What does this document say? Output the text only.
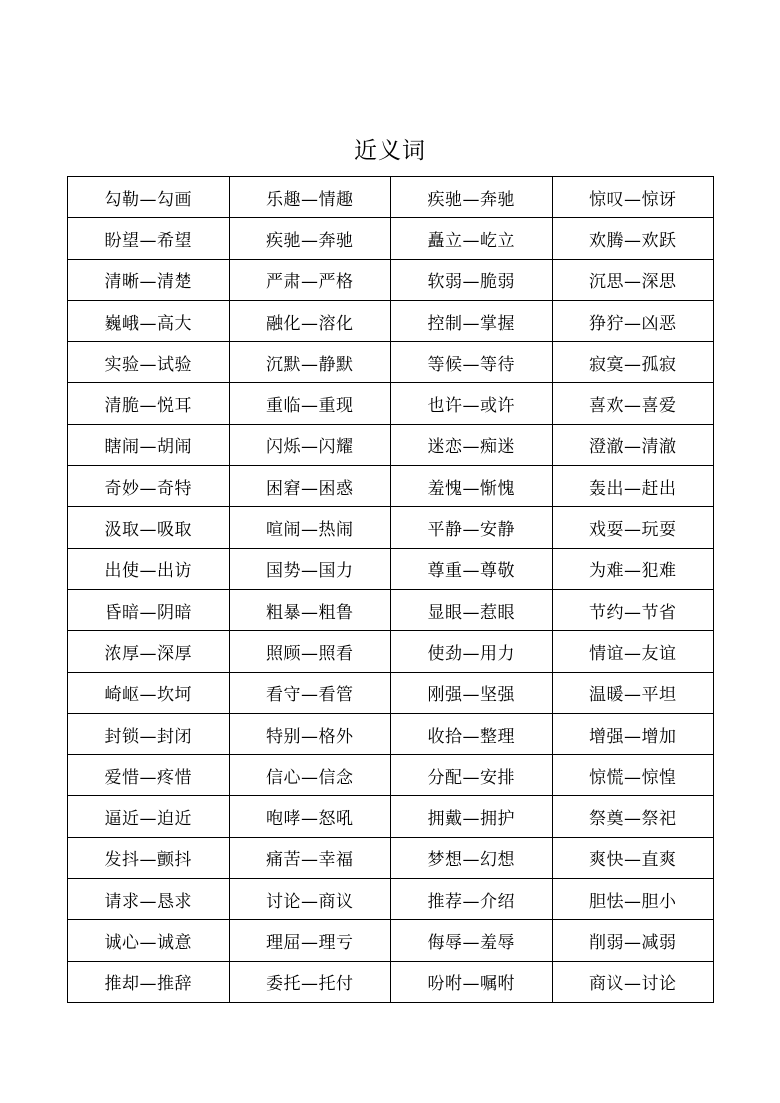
近义词
勾勒—勾画	乐趣—情趣	疾驰—奔驰	惊叹—惊讶
盼望—希望	疾驰—奔驰	矗立—屹立	欢腾—欢跃
清晰—清楚	严肃—严格	软弱—脆弱	沉思—深思
巍峨—高大	融化—溶化	控制—掌握	狰狞—凶恶
实验—试验	沉默—静默	等候—等待	寂寞—孤寂
清脆—悦耳	重临—重现	也许—或许	喜欢—喜爱
瞎闹—胡闹	闪烁—闪耀	迷恋—痴迷	澄澈—清澈
奇妙—奇特	困窘—困惑	羞愧—惭愧	轰出—赶出
汲取—吸取	喧闹—热闹	平静—安静	戏耍—玩耍
出使—出访	国势—国力	尊重—尊敬	为难—犯难
昏暗—阴暗	粗暴—粗鲁	显眼—惹眼	节约—节省
浓厚—深厚	照顾—照看	使劲—用力	情谊—友谊
崎岖—坎坷	看守—看管	刚强—坚强	温暖—平坦
封锁—封闭	特别—格外	收拾—整理	增强—增加
爱惜—疼惜	信心—信念	分配—安排	惊慌—惊惶
逼近—迫近	咆哮—怒吼	拥戴—拥护	祭奠—祭祀
发抖—颤抖	痛苦—幸福	梦想—幻想	爽快—直爽
请求—恳求	讨论—商议	推荐—介绍	胆怯—胆小
诚心—诚意	理屈—理亏	侮辱—羞辱	削弱—减弱
推却—推辞	委托—托付	吩咐—嘱咐	商议—讨论
